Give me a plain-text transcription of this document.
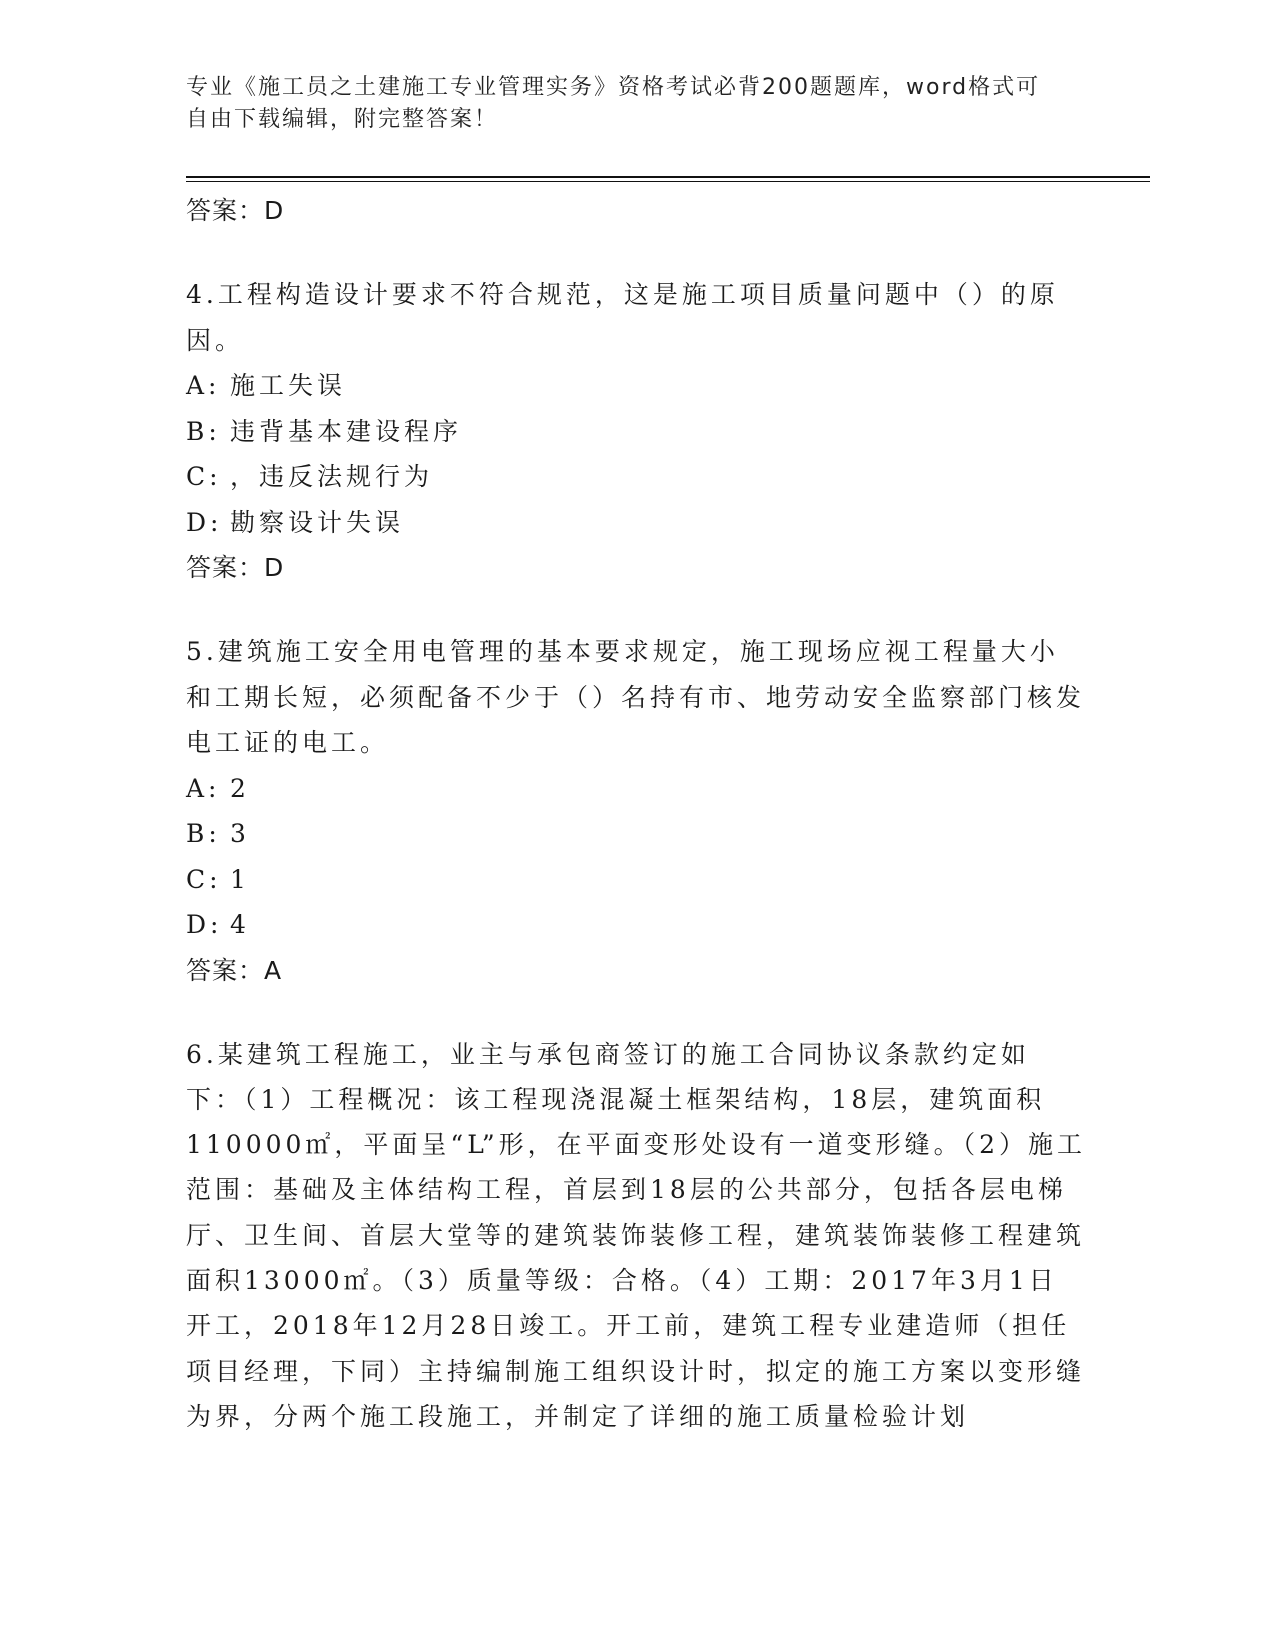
专业《施工员之土建施工专业管理实务》资格考试必背200题题库，word格式可
自由下载编辑，附完整答案！
答案：D
4.工程构造设计要求不符合规范，这是施工项目质量问题中（）的原因。
A: 施工失误
B: 违背基本建设程序
C: ，违反法规行为
D: 勘察设计失误
答案：D
5.建筑施工安全用电管理的基本要求规定，施工现场应视工程量大小和工期长短，必须配备不少于（）名持有市、地劳动安全监察部门核发电工证的电工。
A: 2
B: 3
C: 1
D: 4
答案：A
6.某建筑工程施工，业主与承包商签订的施工合同协议条款约定如下：（1）工程概况：该工程现浇混凝土框架结构，18层，建筑面积110000㎡，平面呈“L”形，在平面变形处设有一道变形缝。（2）施工范围：基础及主体结构工程，首层到18层的公共部分，包括各层电梯厅、卫生间、首层大堂等的建筑装饰装修工程，建筑装饰装修工程建筑面积13000㎡。（3）质量等级：合格。（4）工期：2017年3月1日开工，2018年12月28日竣工。开工前，建筑工程专业建造师（担任项目经理，下同）主持编制施工组织设计时，拟定的施工方案以变形缝为界，分两个施工段施工，并制定了详细的施工质量检验计划
